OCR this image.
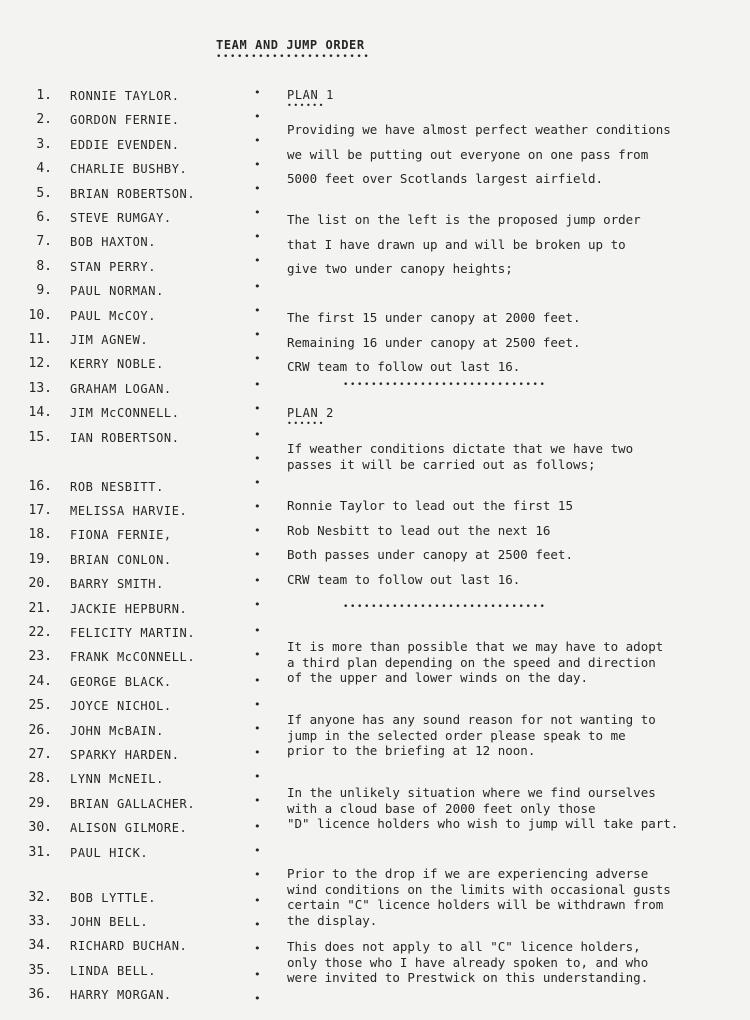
TEAM AND JUMP ORDER
••••••••••••••••••••••
1. RONNIE TAYLOR.
2. GORDON FERNIE.
3. EDDIE EVENDEN.
4. CHARLIE BUSHBY.
5. BRIAN ROBERTSON.
6. STEVE RUMGAY.
7. BOB HAXTON.
8. STAN PERRY.
9. PAUL NORMAN.
10. PAUL McCOY.
11. JIM AGNEW.
12. KERRY NOBLE.
13. GRAHAM LOGAN.
14. JIM McCONNELL.
15. IAN ROBERTSON.
16. ROB NESBITT.
17. MELISSA HARVIE.
18. FIONA FERNIE,
19. BRIAN CONLON.
20. BARRY SMITH.
21. JACKIE HEPBURN.
22. FELICITY MARTIN.
23. FRANK McCONNELL.
24. GEORGE BLACK.
25. JOYCE NICHOL.
26. JOHN McBAIN.
27. SPARKY HARDEN.
28. LYNN McNEIL.
29. BRIAN GALLACHER.
30. ALISON GILMORE.
31. PAUL HICK.
32. BOB LYTTLE.
33. JOHN BELL.
34. RICHARD BUCHAN.
35. LINDA BELL.
36. HARRY MORGAN.
•
•
•
•
•
•
•
•
•
•
•
•
•
•
•
•
•
•
•
•
•
•
•
•
•
•
•
•
•
•
•
•
•
•
•
•
•
•
PLAN 1
••••••
Providing we have almost perfect weather conditions
we will be putting out everyone on one pass from
5000 feet over Scotlands largest airfield.
The list on the left is the proposed jump order
that I have drawn up and will be broken up to
give two under canopy heights;
The first 15 under canopy at 2000 feet.
Remaining 16 under canopy at 2500 feet.
CRW team to follow out last 16.
•••••••••••••••••••••••••••••
PLAN 2
••••••
If weather conditions dictate that we have two
passes it will be carried out as follows;
Ronnie Taylor to lead out the first 15
Rob Nesbitt to lead out the next 16
Both passes under canopy at 2500 feet.
CRW team to follow out last 16.
•••••••••••••••••••••••••••••
It is more than possible that we may have to adopt
a third plan depending on the speed and direction
of the upper and lower winds on the day.
If anyone has any sound reason for not wanting to
jump in the selected order please speak to me
prior to the briefing at 12 noon.
In the unlikely situation where we find ourselves
with a cloud base of 2000 feet only those
"D" licence holders who wish to jump will take part.
Prior to the drop if we are experiencing adverse
wind conditions on the limits with occasional gusts
certain "C" licence holders will be withdrawn from
the display.
This does not apply to all "C" licence holders,
only those who I have already spoken to, and who
were invited to Prestwick on this understanding.
